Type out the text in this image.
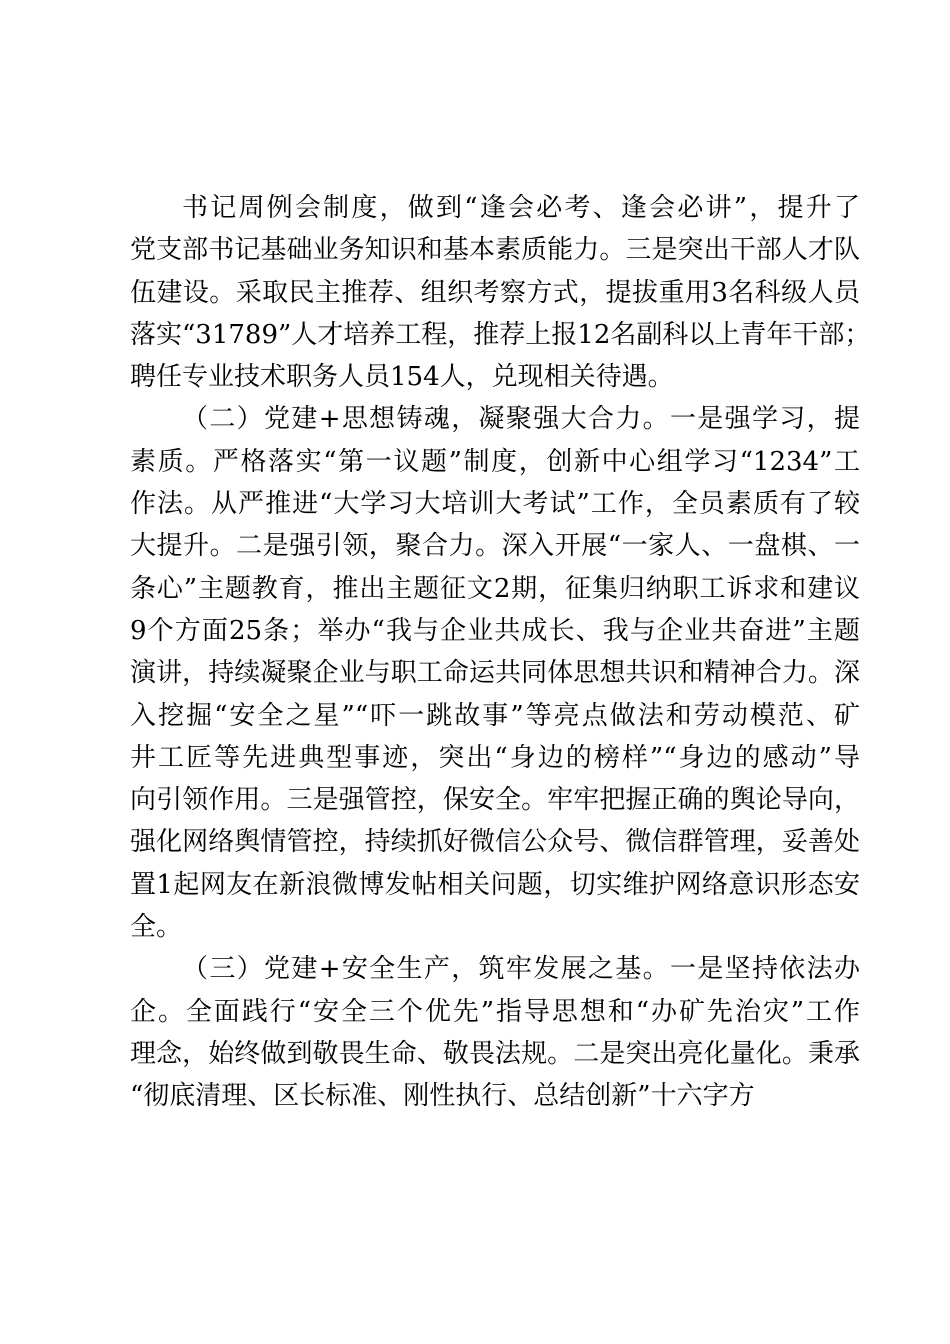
书记周例会制度，做到“逢会必考、逢会必讲”，提升了
党支部书记基础业务知识和基本素质能力。三是突出干部人才队
伍建设。采取民主推荐、组织考察方式，提拔重用3名科级人员
落实“31789”人才培养工程，推荐上报12名副科以上青年干部；
聘任专业技术职务人员154人，兑现相关待遇。
（二）党建+思想铸魂，凝聚强大合力。一是强学习，提
素质。严格落实“第一议题”制度，创新中心组学习“1234”工
作法。从严推进“大学习大培训大考试”工作，全员素质有了较
大提升。二是强引领，聚合力。深入开展“一家人、一盘棋、一
条心”主题教育，推出主题征文2期，征集归纳职工诉求和建议
9个方面25条；举办“我与企业共成长、我与企业共奋进”主题
演讲，持续凝聚企业与职工命运共同体思想共识和精神合力。深
入挖掘“安全之星”“吓一跳故事”等亮点做法和劳动模范、矿
井工匠等先进典型事迹，突出“身边的榜样”“身边的感动”导
向引领作用。三是强管控，保安全。牢牢把握正确的舆论导向，
强化网络舆情管控，持续抓好微信公众号、微信群管理，妥善处
置1起网友在新浪微博发帖相关问题，切实维护网络意识形态安
全。
（三）党建+安全生产，筑牢发展之基。一是坚持依法办
企。全面践行“安全三个优先”指导思想和“办矿先治灾”工作
理念，始终做到敬畏生命、敬畏法规。二是突出亮化量化。秉承
“彻底清理、区长标准、刚性执行、总结创新”十六字方
